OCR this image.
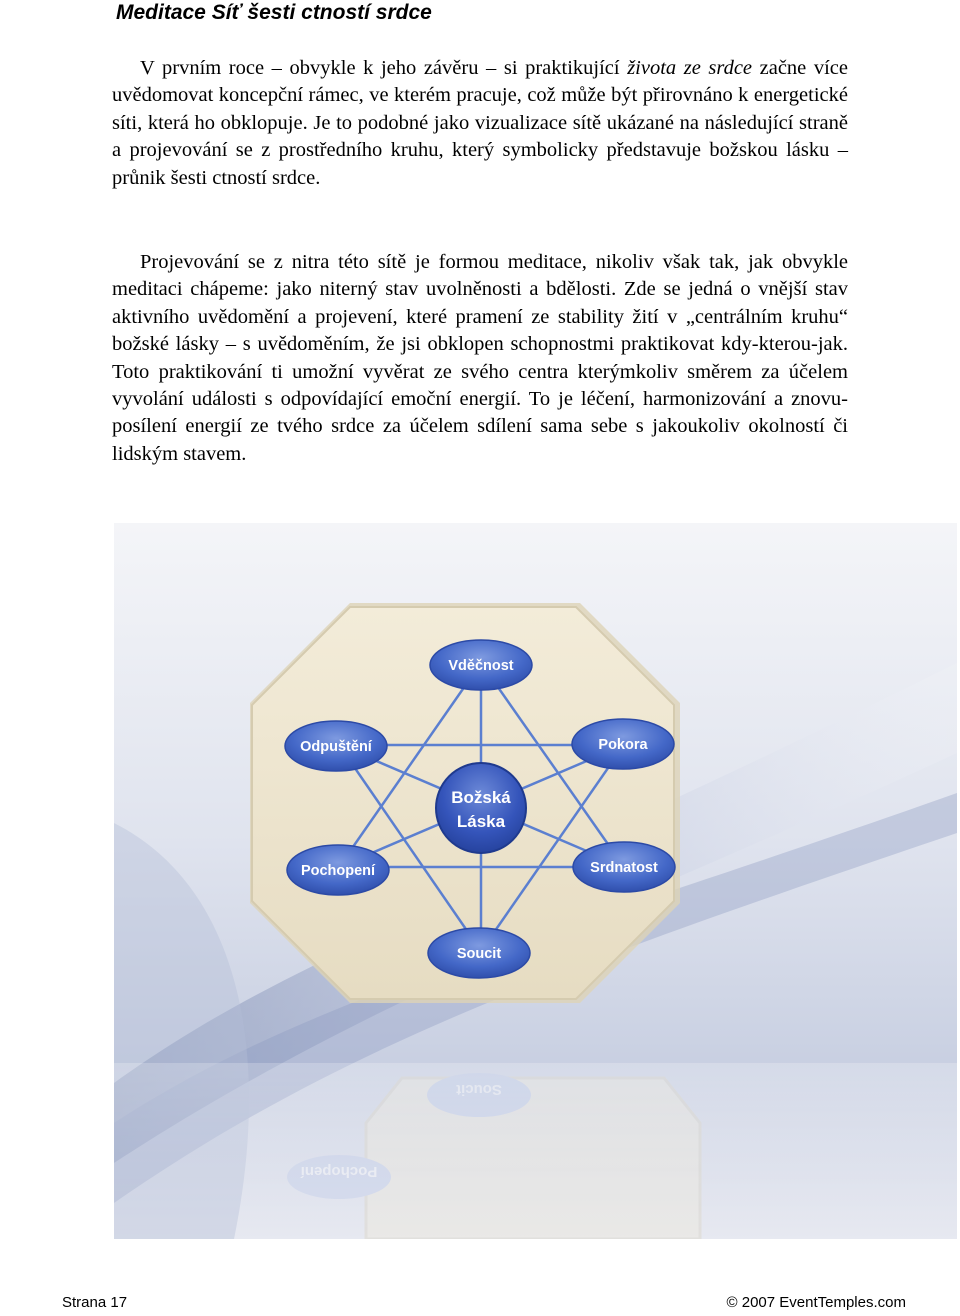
Meditace Síť šesti ctností srdce

V prvním roce – obvykle k jeho závěru – si praktikující života ze srdce začne více uvědomovat koncepční rámec, ve kterém pracuje, což může být přirovnáno k energetické síti, která ho obklopuje. Je to podobné jako vizualizace sítě ukázané na následující straně a projevování se z prostředního kruhu, který symbolicky představuje božskou lásku – průnik šesti ctností srdce.

Projevování se z nitra této sítě je formou meditace, nikoliv však tak, jak obvykle meditaci chápeme: jako niterný stav uvolněnosti a bdělosti. Zde se jedná o vnější stav aktivního uvědomění a projevení, které pramení ze stability žití v „centrálním kruhu“ božské lásky – s uvědoměním, že jsi obklopen schopnostmi praktikovat kdy-kterou-jak. Toto praktikování ti umožní vyvěrat ze svého centra kterýmkoliv směrem za účelem vyvolání události s odpovídající emoční energií. To je léčení, harmonizování a znovu-posílení energií ze tvého srdce za účelem sdílení sama sebe s jakoukoliv okolností či lidským stavem.

Soucit
Pochopení
Vděčnost
Odpuštění	Pokora
Pochopení	Srdnatost
Soucit
Božská
Láska
Strana 17	© 2007 EventTemples.com
